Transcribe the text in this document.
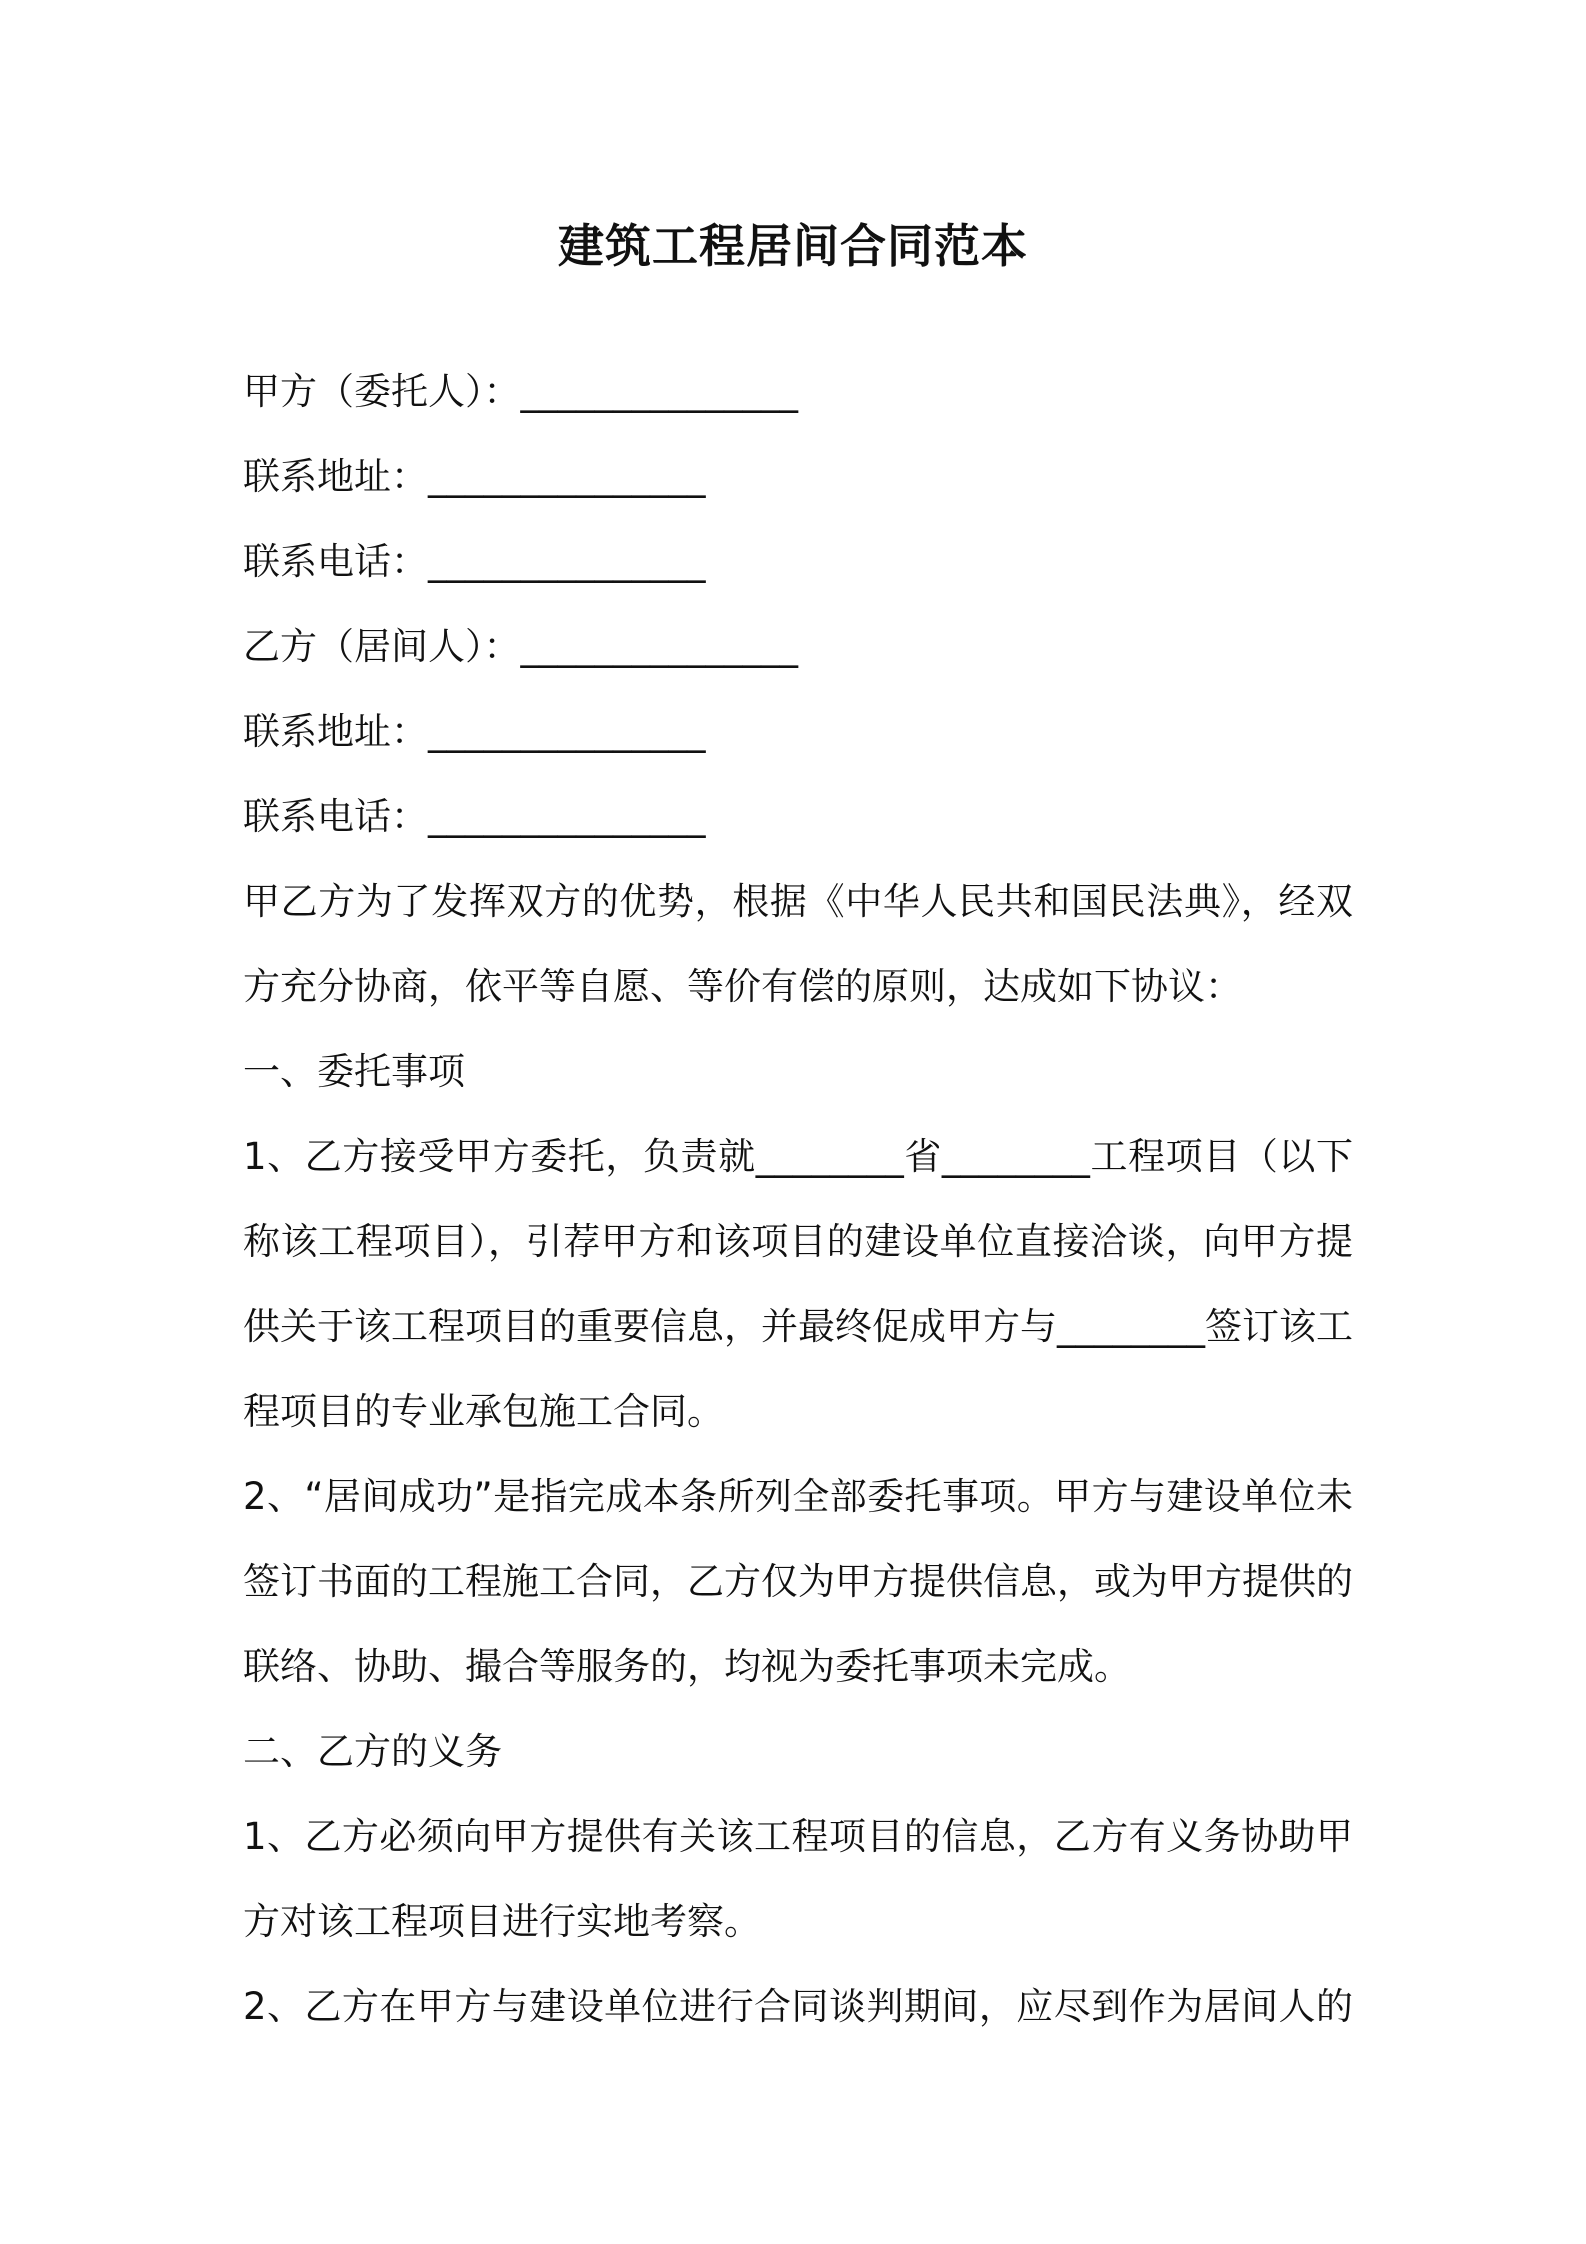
建筑工程居间合同范本
甲方（委托人）：_______________
联系地址：_______________
联系电话：_______________
乙方（居间人）：_______________
联系地址：_______________
联系电话：_______________
甲乙方为了发挥双方的优势，根据《中华人民共和国民法典》，经双
方充分协商，依平等自愿、等价有偿的原则，达成如下协议：
一、委托事项
1、乙方接受甲方委托，负责就________省________工程项目（以下
称该工程项目），引荐甲方和该项目的建设单位直接洽谈，向甲方提
供关于该工程项目的重要信息，并最终促成甲方与________签订该工
程项目的专业承包施工合同。
2、“居间成功”是指完成本条所列全部委托事项。甲方与建设单位未
签订书面的工程施工合同，乙方仅为甲方提供信息，或为甲方提供的
联络、协助、撮合等服务的，均视为委托事项未完成。
二、乙方的义务
1、乙方必须向甲方提供有关该工程项目的信息，乙方有义务协助甲
方对该工程项目进行实地考察。
2、乙方在甲方与建设单位进行合同谈判期间，应尽到作为居间人的
